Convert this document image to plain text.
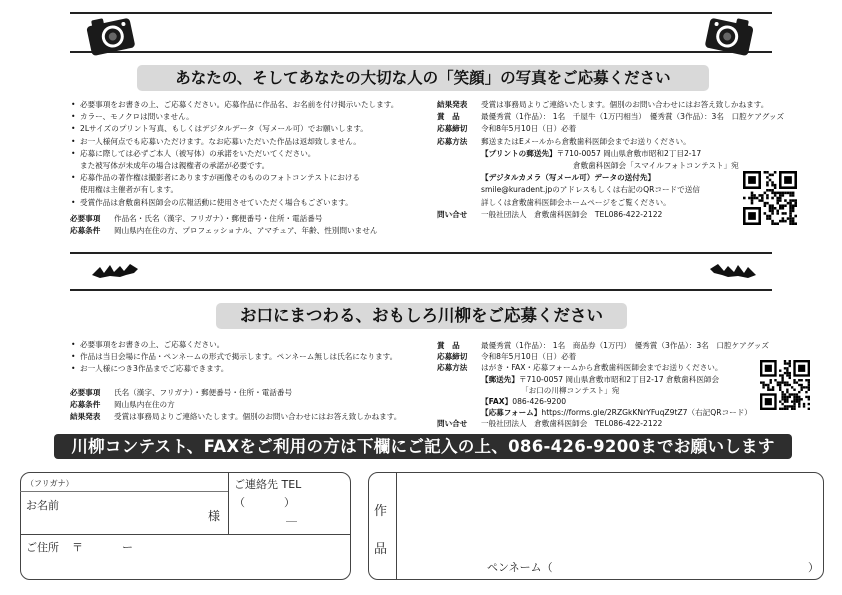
スマイルフォトコンテスト　 応募要領
あなたの、そしてあなたの大切な人の「笑顔」の写真をご応募ください
• 必要事項をお書きの上、ご応募ください。応募作品に作品名、お名前を付け掲示いたします。
• カラー、モノクロは問いません。
• 2Lサイズのプリント写真、もしくはデジタルデータ（写メール可）でお願いします。
• お一人様何点でも応募いただけます。なお応募いただいた作品は返却致しません。
• 応募に際しては必ずご本人（被写体）の承諾をいただいてください。
また被写体が未成年の場合は親権者の承諾が必要です。
• 応募作品の著作権は撮影者にありますが画像そのもののフォトコンテストにおける
使用権は主催者が有します。
• 受賞作品は倉敷歯科医師会の広報活動に使用させていただく場合もございます。
必要事項	作品名・氏名（漢字、フリガナ）・郵便番号・住所・電話番号
応募条件	岡山県内在住の方、プロフェッショナル、アマチュア、年齢、性別問いません
結果発表	受賞は事務局よりご連絡いたします。個別のお問い合わせにはお答え致しかねます。
賞　品	最優秀賞（1作品）： 1名　千屋牛（1万円相当）　優秀賞（3作品）：3名　口腔ケアグッズ
応募締切	令和8年5月10日（日）必着
応募方法	郵送またはEメールから倉敷歯科医師会までお送りください。
【プリントの郵送先】〒710-0057 岡山県倉敷市昭和2丁目2-17
倉敷歯科医師会「スマイルフォトコンテスト」宛
【デジタルカメラ（写メール可）データの送付先】
smile@kuradent.jpのアドレスもしくは右記のQRコードで送信
詳しくは倉敷歯科医師会ホームページをご覧ください。
問い合せ	一般社団法人　倉敷歯科医師会　TEL086-422-2122
お口の川柳コンテスト　 応募要領
お口にまつわる、おもしろ川柳をご応募ください
• 必要事項をお書きの上、ご応募ください。
• 作品は当日会場に作品・ペンネームの形式で掲示します。ペンネーム無しは氏名になります。
• お一人様につき3作品までご応募できます。
必要事項	氏名（漢字、フリガナ）・郵便番号・住所・電話番号
応募条件	岡山県内在住の方
結果発表	受賞は事務局よりご連絡いたします。個別のお問い合わせにはお答え致しかねます。
賞　品	最優秀賞（1作品）： 1名　商品券（1万円）　優秀賞（3作品）：3名　口腔ケアグッズ
応募締切	令和8年5月10日（日）必着
応募方法	はがき・FAX・応募フォームから倉敷歯科医師会までお送りください。
【郵送先】〒710-0057 岡山県倉敷市昭和2丁目2-17 倉敷歯科医師会
「お口の川柳コンテスト」宛
【FAX】086-426-9200
【応募フォーム】https://forms.gle/2RZGkKNrYFuqZ9tZ7（右記QRコード）
問い合せ	一般社団法人　倉敷歯科医師会　TEL086-422-2122
川柳コンテスト、FAXをご利用の方は下欄にご記入の上、086-426-9200までお願いします
（フリガナ）
お名前
様
ご連絡先 TEL
（	）
＿
ご住所 〒	ー
作
品
ペンネーム（	）
